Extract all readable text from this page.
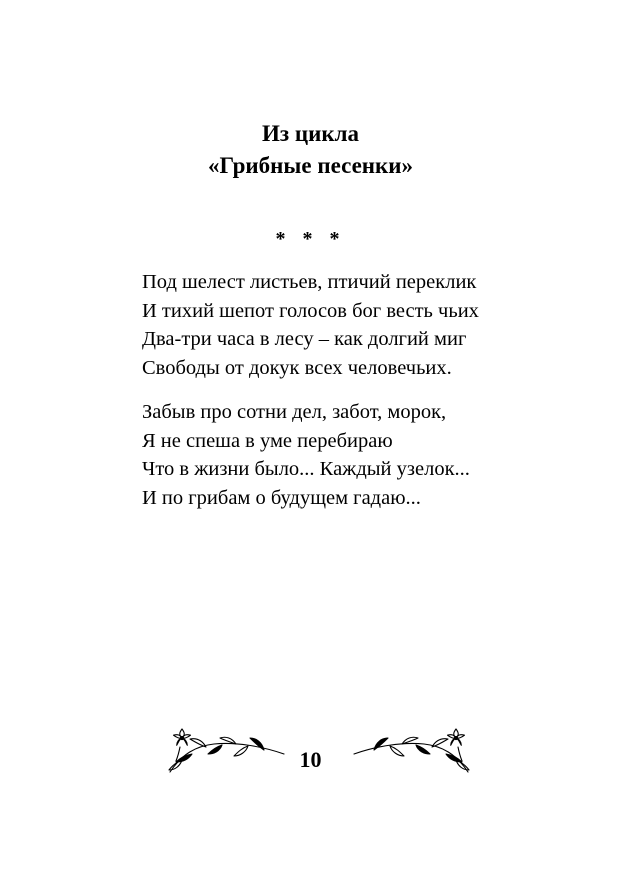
Из цикла
«Грибные песенки»
* * *
Под шелест листьев, птичий переклик
И тихий шепот голосов бог весть чьих
Два-три часа в лесу – как долгий миг
Свободы от докук всех человечьих.
Забыв про сотни дел, забот, морок,
Я не спеша в уме перебираю
Что в жизни было... Каждый узелок...
И по грибам о будущем гадаю...
10
